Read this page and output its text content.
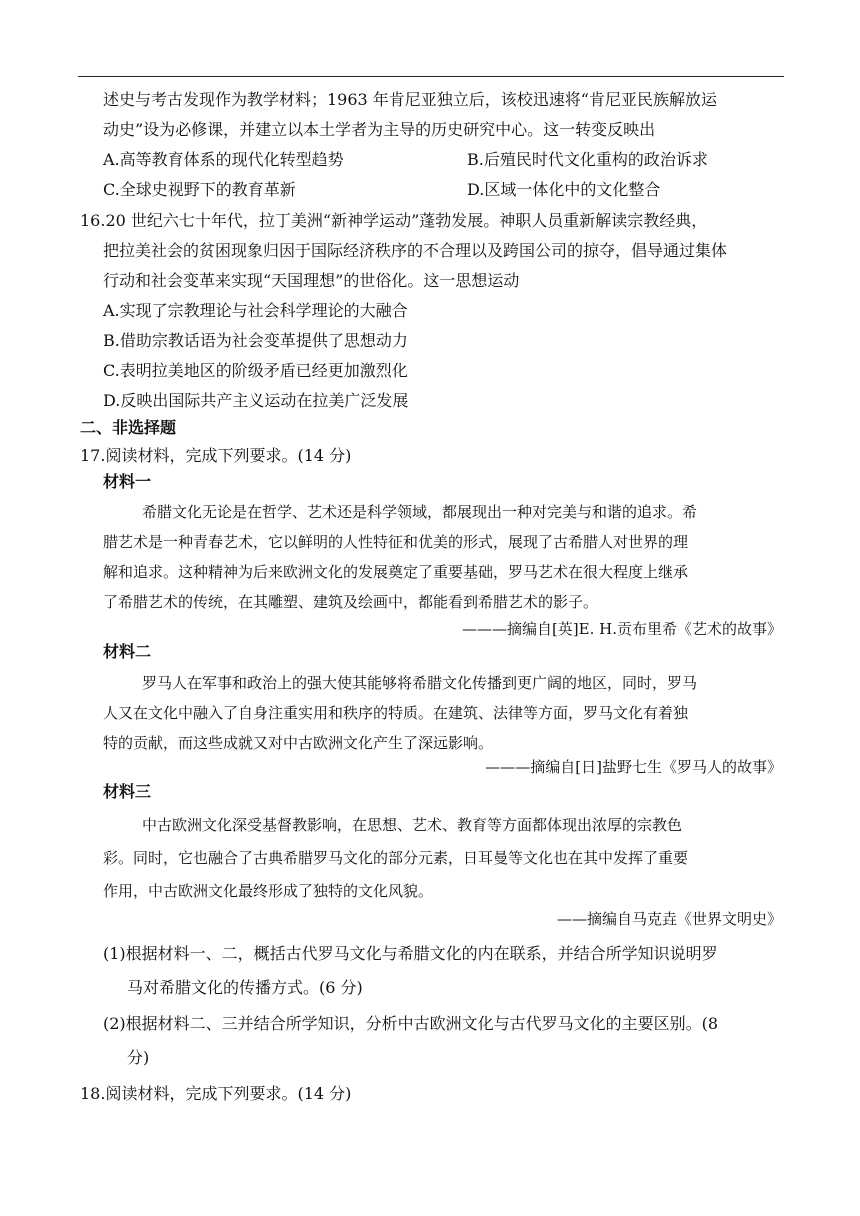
述史与考古发现作为教学材料；1963 年肯尼亚独立后，该校迅速将“肯尼亚民族解放运
动史”设为必修课，并建立以本土学者为主导的历史研究中心。这一转变反映出
A.高等教育体系的现代化转型趋势	B.后殖民时代文化重构的政治诉求
C.全球史视野下的教育革新	D.区域一体化中的文化整合
16.20 世纪六七十年代，拉丁美洲“新神学运动”蓬勃发展。神职人员重新解读宗教经典，
把拉美社会的贫困现象归因于国际经济秩序的不合理以及跨国公司的掠夺，倡导通过集体
行动和社会变革来实现“天国理想”的世俗化。这一思想运动
A.实现了宗教理论与社会科学理论的大融合
B.借助宗教话语为社会变革提供了思想动力
C.表明拉美地区的阶级矛盾已经更加激烈化
D.反映出国际共产主义运动在拉美广泛发展
二、非选择题
17.阅读材料，完成下列要求。(14 分)
材料一
希腊文化无论是在哲学、艺术还是科学领域，都展现出一种对完美与和谐的追求。希
腊艺术是一种青春艺术，它以鲜明的人性特征和优美的形式，展现了古希腊人对世界的理
解和追求。这种精神为后来欧洲文化的发展奠定了重要基础，罗马艺术在很大程度上继承
了希腊艺术的传统，在其雕塑、建筑及绘画中，都能看到希腊艺术的影子。
———摘编自[英]E. H.贡布里希《艺术的故事》
材料二
罗马人在军事和政治上的强大使其能够将希腊文化传播到更广阔的地区，同时，罗马
人又在文化中融入了自身注重实用和秩序的特质。在建筑、法律等方面，罗马文化有着独
特的贡献，而这些成就又对中古欧洲文化产生了深远影响。
———摘编自[日]盐野七生《罗马人的故事》
材料三
中古欧洲文化深受基督教影响，在思想、艺术、教育等方面都体现出浓厚的宗教色
彩。同时，它也融合了古典希腊罗马文化的部分元素，日耳曼等文化也在其中发挥了重要
作用，中古欧洲文化最终形成了独特的文化风貌。
——摘编自马克垚《世界文明史》
(1)根据材料一、二，概括古代罗马文化与希腊文化的内在联系，并结合所学知识说明罗
马对希腊文化的传播方式。(6 分)
(2)根据材料二、三并结合所学知识，分析中古欧洲文化与古代罗马文化的主要区别。(8
分)
18.阅读材料，完成下列要求。(14 分)
